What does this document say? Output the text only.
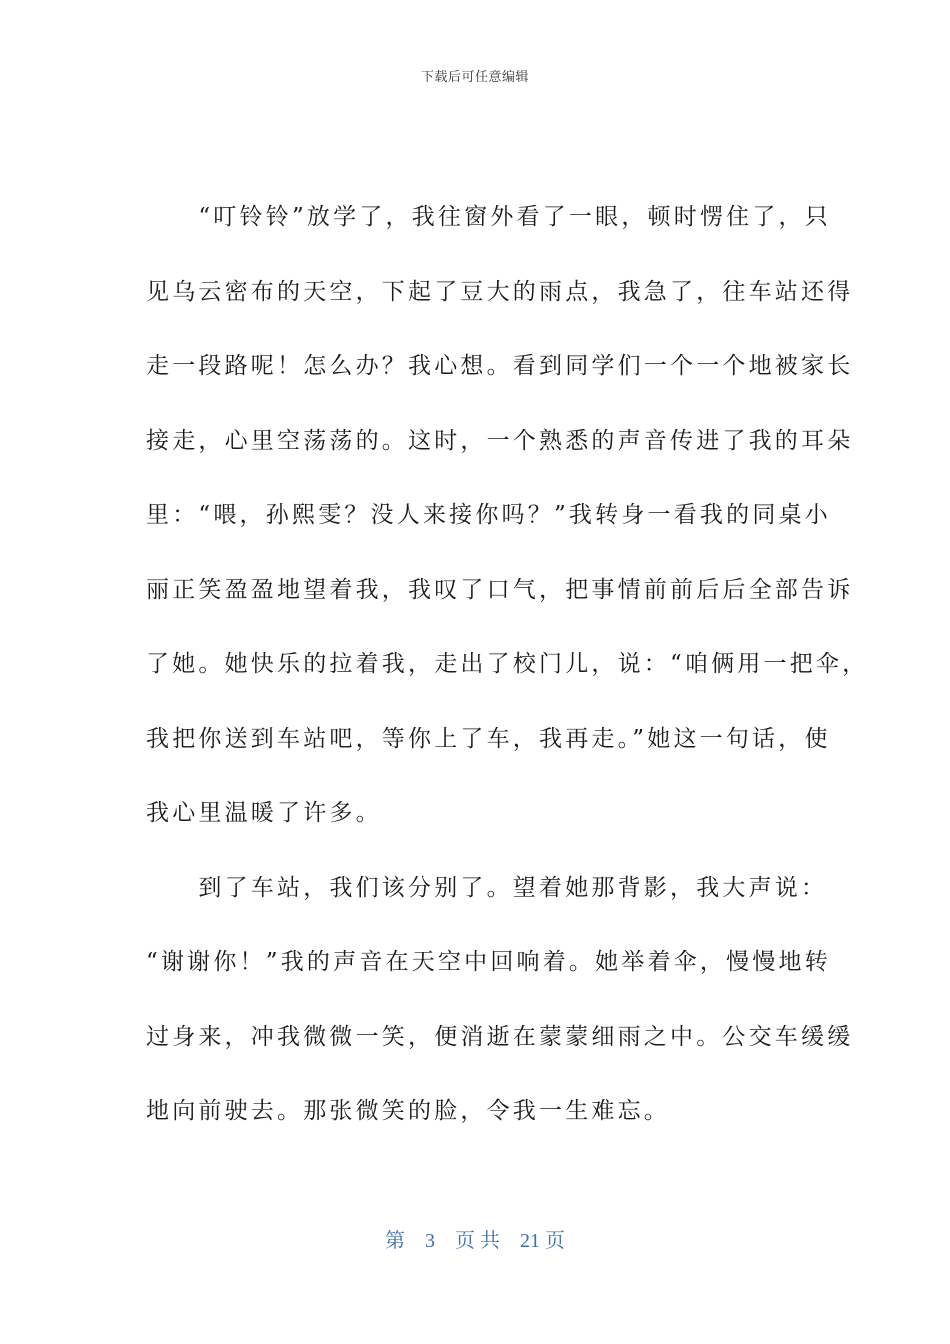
下载后可任意编辑
　　“叮铃铃”放学了，我往窗外看了一眼，顿时愣住了，只
见乌云密布的天空，下起了豆大的雨点，我急了，往车站还得
走一段路呢！怎么办？我心想。看到同学们一个一个地被家长
接走，心里空荡荡的。这时，一个熟悉的声音传进了我的耳朵
里：“喂，孙熙雯？没人来接你吗？”我转身一看我的同桌小
丽正笑盈盈地望着我，我叹了口气，把事情前前后后全部告诉
了她。她快乐的拉着我，走出了校门儿，说：“咱俩用一把伞，
我把你送到车站吧，等你上了车，我再走。”她这一句话，使
我心里温暖了许多。
　　到了车站，我们该分别了。望着她那背影，我大声说：
“谢谢你！”我的声音在天空中回响着。她举着伞，慢慢地转
过身来，冲我微微一笑，便消逝在蒙蒙细雨之中。公交车缓缓
地向前驶去。那张微笑的脸，令我一生难忘。
第 3 页 共 21 页
